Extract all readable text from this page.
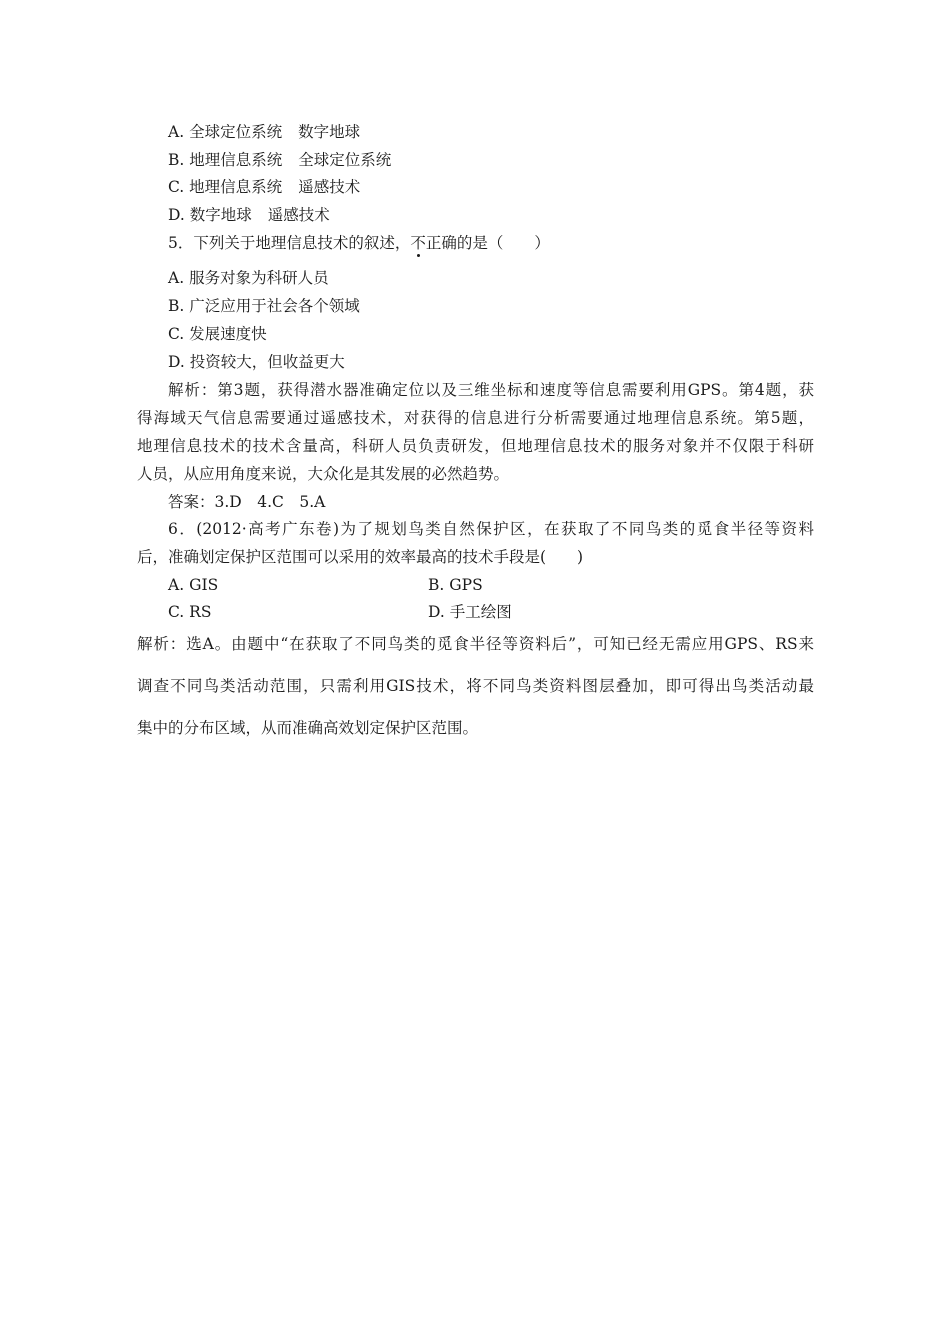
A. 全球定位系统 数字地球
B. 地理信息系统 全球定位系统
C. 地理信息系统 遥感技术
D. 数字地球 遥感技术
5．下列关于地理信息技术的叙述，不正确的是（　　）
A. 服务对象为科研人员
B. 广泛应用于社会各个领域
C. 发展速度快
D. 投资较大，但收益更大
解析：第3题，获得潜水器准确定位以及三维坐标和速度等信息需要利用GPS。第4题，获
得海域天气信息需要通过遥感技术，对获得的信息进行分析需要通过地理信息系统。第5题，
地理信息技术的技术含量高，科研人员负责研发，但地理信息技术的服务对象并不仅限于科研
人员，从应用角度来说，大众化是其发展的必然趋势。
答案：3.D　4.C　5.A
6．(2012·高考广东卷)为了规划鸟类自然保护区，在获取了不同鸟类的觅食半径等资料
后，准确划定保护区范围可以采用的效率最高的技术手段是(　　)
A. GIS	B. GPS
C. RS	D. 手工绘图
解析：选A。由题中“在获取了不同鸟类的觅食半径等资料后”，可知已经无需应用GPS、RS来
调查不同鸟类活动范围，只需利用GIS技术，将不同鸟类资料图层叠加，即可得出鸟类活动最
集中的分布区域，从而准确高效划定保护区范围。
